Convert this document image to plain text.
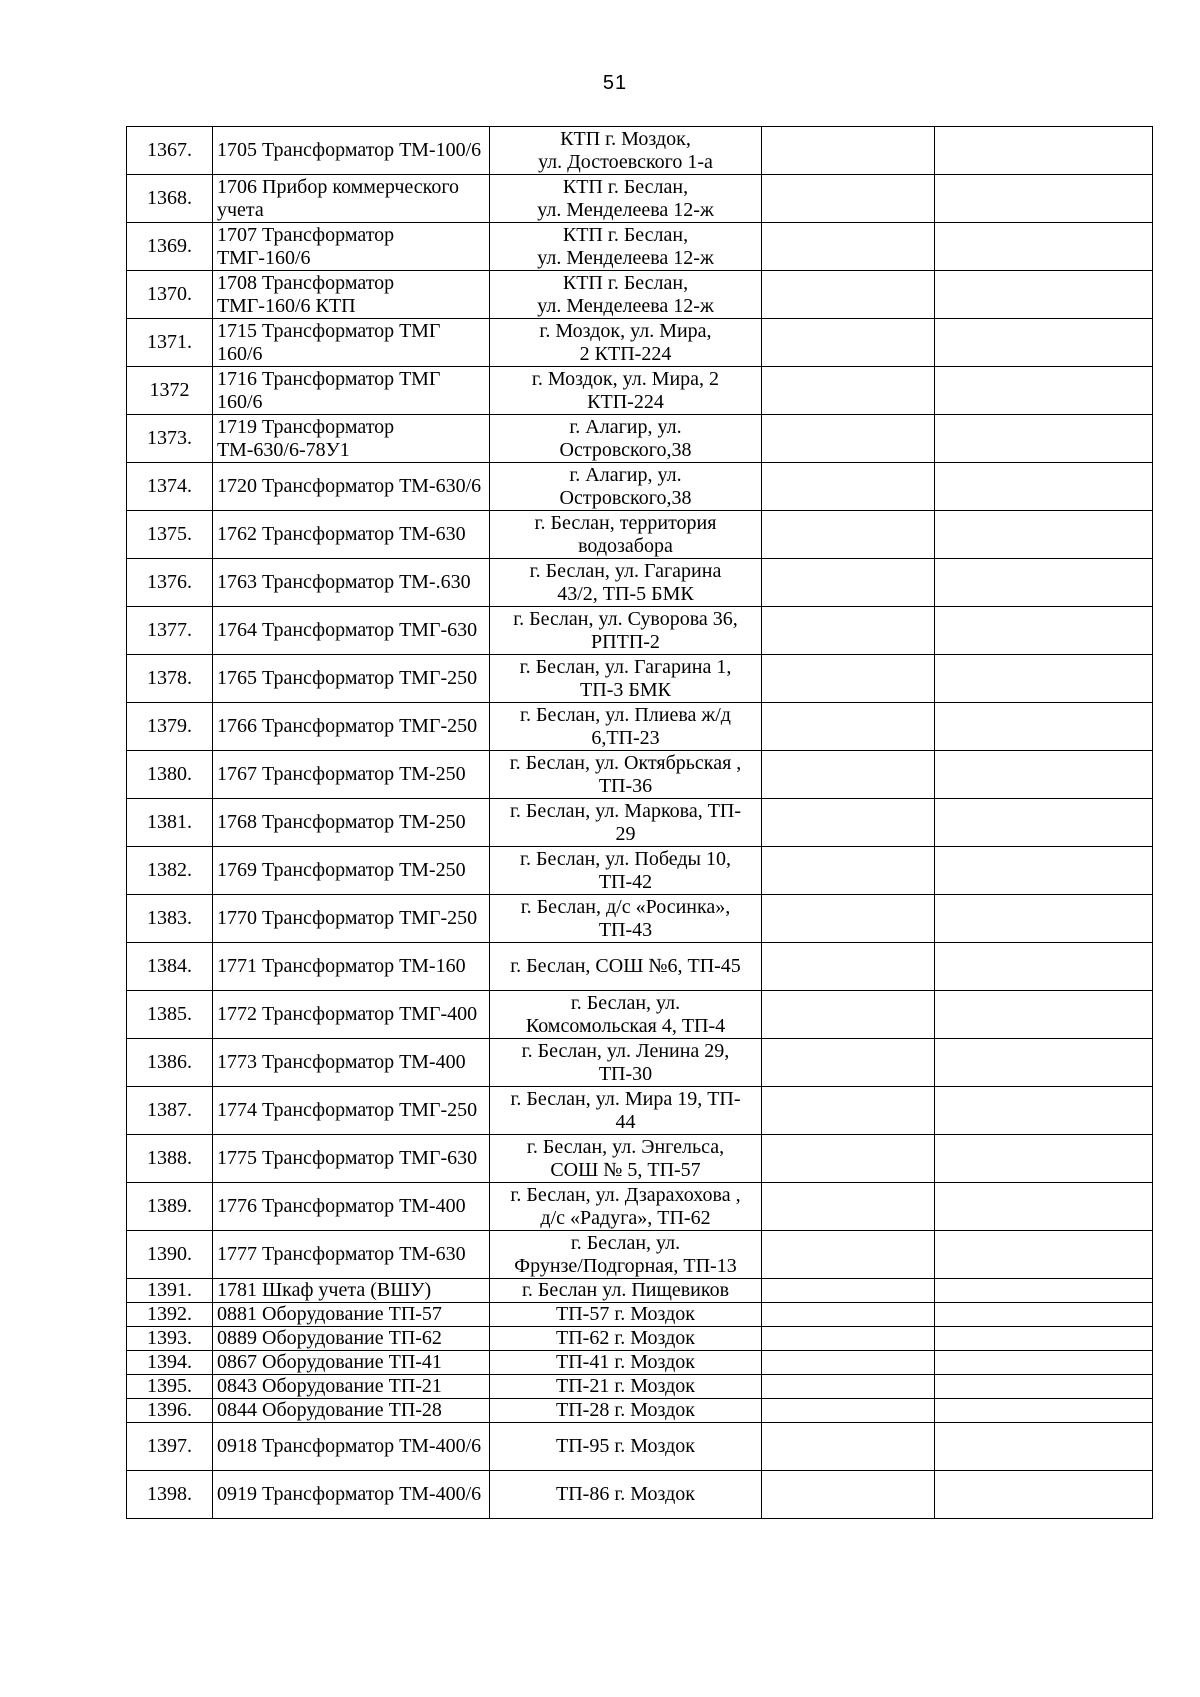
51
1367.	1705 Трансформатор ТМ-100/6	КТП г. Моздок,
ул. Достоевского 1-а		
1368.	1706 Прибор коммерческого учета	КТП г. Беслан,
ул. Менделеева 12-ж		
1369.	1707 Трансформатор ТМГ-160/6	КТП г. Беслан,
ул. Менделеева 12-ж		
1370.	1708 Трансформатор ТМГ-160/6 КТП	КТП г. Беслан,
ул. Менделеева 12-ж		
1371.	1715 Трансформатор ТМГ 160/6	г. Моздок, ул. Мира,
2 КТП-224		
1372	1716 Трансформатор ТМГ 160/6	г. Моздок, ул. Мира, 2
КТП-224		
1373.	1719 Трансформатор ТМ-630/6-78У1	г. Алагир, ул.
Островского,38		
1374.	1720 Трансформатор ТМ-630/6	г. Алагир, ул.
Островского,38		
1375.	1762 Трансформатор ТМ-630	г. Беслан, территория
водозабора		
1376.	1763 Трансформатор ТМ-.630	г. Беслан, ул. Гагарина
43/2, ТП-5 БМК		
1377.	1764 Трансформатор ТМГ-630	г. Беслан, ул. Суворова 36,
РПТП-2		
1378.	1765 Трансформатор ТМГ-250	г. Беслан, ул. Гагарина 1,
ТП-3 БМК		
1379.	1766 Трансформатор ТМГ-250	г. Беслан, ул. Плиева ж/д
6,ТП-23		
1380.	1767 Трансформатор ТМ-250	г. Беслан, ул. Октябрьская ,
ТП-36		
1381.	1768 Трансформатор ТМ-250	г. Беслан, ул. Маркова, ТП-
29		
1382.	1769 Трансформатор ТМ-250	г. Беслан, ул. Победы 10,
ТП-42		
1383.	1770 Трансформатор ТМГ-250	г. Беслан, д/с «Росинка»,
ТП-43		
1384.	1771 Трансформатор ТМ-160	г. Беслан, СОШ №6, ТП-45		
1385.	1772 Трансформатор ТМГ-400	г. Беслан, ул.
Комсомольская 4, ТП-4		
1386.	1773 Трансформатор ТМ-400	г. Беслан, ул. Ленина 29,
ТП-30		
1387.	1774 Трансформатор ТМГ-250	г. Беслан, ул. Мира 19, ТП-
44		
1388.	1775 Трансформатор ТМГ-630	г. Беслан, ул. Энгельса,
СОШ № 5, ТП-57		
1389.	1776 Трансформатор ТМ-400	г. Беслан, ул. Дзарахохова ,
д/с «Радуга», ТП-62		
1390.	1777 Трансформатор ТМ-630	г. Беслан, ул.
Фрунзе/Подгорная, ТП-13		
1391.	1781 Шкаф учета (ВШУ)	г. Беслан ул. Пищевиков		
1392.	0881 Оборудование ТП-57	ТП-57 г. Моздок		
1393.	0889 Оборудование ТП-62	ТП-62 г. Моздок		
1394.	0867 Оборудование ТП-41	ТП-41 г. Моздок		
1395.	0843 Оборудование ТП-21	ТП-21 г. Моздок		
1396.	0844 Оборудование ТП-28	ТП-28 г. Моздок		
1397.	0918 Трансформатор ТМ-400/6	ТП-95 г. Моздок		
1398.	0919 Трансформатор ТМ-400/6	ТП-86 г. Моздок		
